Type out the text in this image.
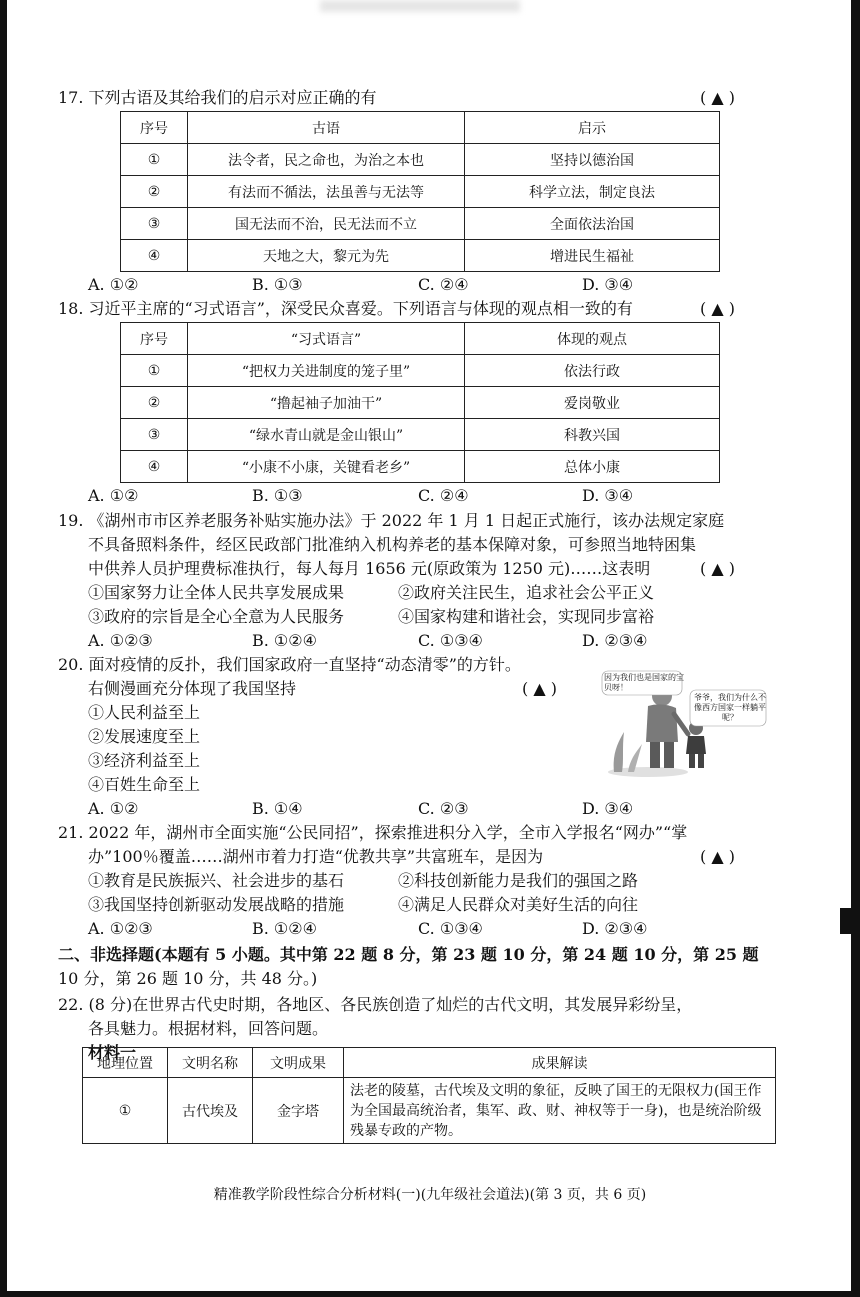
17. 下列古语及其给我们的启示对应正确的有	( ▲ )
序号	古语	启示
①	法令者，民之命也，为治之本也	坚持以德治国
②	有法而不循法，法虽善与无法等	科学立法，制定良法
③	国无法而不治，民无法而不立	全面依法治国
④	天地之大，黎元为先	增进民生福祉
A. ①②	B. ①③	C. ②④	D. ③④
18. 习近平主席的“习式语言”，深受民众喜爱。下列语言与体现的观点相一致的有	( ▲ )
序号	“习式语言”	体现的观点
①	“把权力关进制度的笼子里”	依法行政
②	“撸起袖子加油干”	爱岗敬业
③	“绿水青山就是金山银山”	科教兴国
④	“小康不小康，关键看老乡”	总体小康
A. ①②	B. ①③	C. ②④	D. ③④
19. 《湖州市市区养老服务补贴实施办法》于 2022 年 1 月 1 日起正式施行，该办法规定家庭
不具备照料条件，经区民政部门批准纳入机构养老的基本保障对象，可参照当地特困集
中供养人员护理费标准执行，每人每月 1656 元(原政策为 1250 元)……这表明	( ▲ )
①国家努力让全体人民共享发展成果	②政府关注民生，追求社会公平正义
③政府的宗旨是全心全意为人民服务	④国家构建和谐社会，实现同步富裕
A. ①②③	B. ①②④	C. ①③④	D. ②③④
20. 面对疫情的反扑，我们国家政府一直坚持“动态清零”的方针。
右侧漫画充分体现了我国坚持	( ▲ )
①人民利益至上
②发展速度至上
③经济利益至上
④百姓生命至上
A. ①②	B. ①④	C. ②③	D. ③④
因为我们也是国家的宝贝呀！
爷爷，我们为什么不像西方国家一样躺平呢？
21. 2022 年，湖州市全面实施“公民同招”，探索推进积分入学，全市入学报名“网办”“掌
办”100％覆盖……湖州市着力打造“优教共享”共富班车，是因为	( ▲ )
①教育是民族振兴、社会进步的基石	②科技创新能力是我们的强国之路
③我国坚持创新驱动发展战略的措施	④满足人民群众对美好生活的向往
A. ①②③	B. ①②④	C. ①③④	D. ②③④
二、非选择题(本题有 5 小题。其中第 22 题 8 分，第 23 题 10 分，第 24 题 10 分，第 25 题
10 分，第 26 题 10 分，共 48 分。)
22. (8 分)在世界古代史时期，各地区、各民族创造了灿烂的古代文明，其发展异彩纷呈，
各具魅力。根据材料，回答问题。
材料一
地理位置	文明名称	文明成果	成果解读
①	古代埃及	金字塔	法老的陵墓，古代埃及文明的象征，反映了国王的无限权力(国王作为全国最高统治者，集军、政、财、神权等于一身)，也是统治阶级残暴专政的产物。
精准教学阶段性综合分析材料(一)(九年级社会道法)(第 3 页，共 6 页)
